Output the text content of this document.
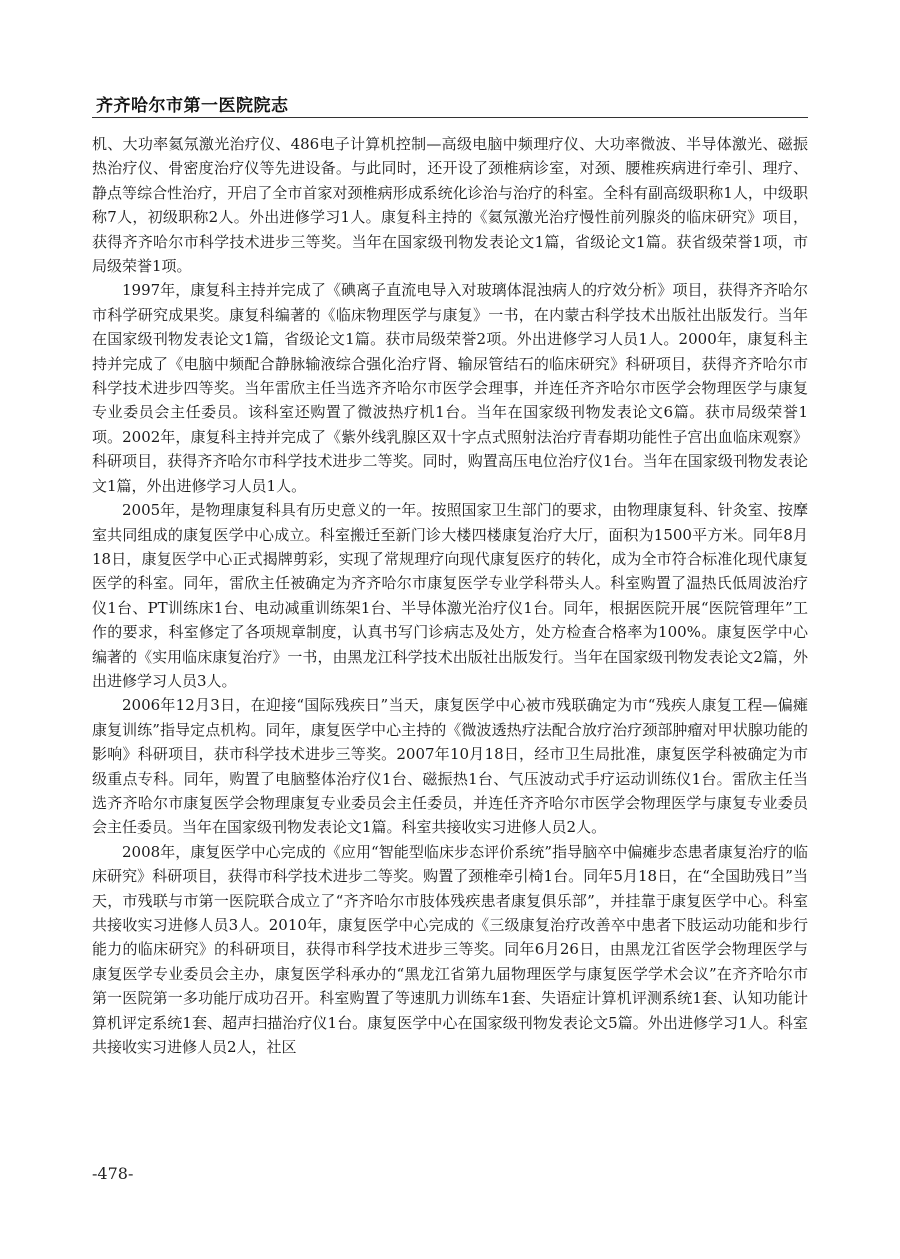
齐齐哈尔市第一医院院志

机、大功率氦氖激光治疗仪、486电子计算机控制—高级电脑中频理疗仪、大功率微波、半导体激光、磁振热治疗仪、骨密度治疗仪等先进设备。与此同时，还开设了颈椎病诊室，对颈、腰椎疾病进行牵引、理疗、静点等综合性治疗，开启了全市首家对颈椎病形成系统化诊治与治疗的科室。全科有副高级职称1人，中级职称7人，初级职称2人。外出进修学习1人。康复科主持的《氦氖激光治疗慢性前列腺炎的临床研究》项目，获得齐齐哈尔市科学技术进步三等奖。当年在国家级刊物发表论文1篇，省级论文1篇。获省级荣誉1项，市局级荣誉1项。

1997年，康复科主持并完成了《碘离子直流电导入对玻璃体混浊病人的疗效分析》项目，获得齐齐哈尔市科学研究成果奖。康复科编著的《临床物理医学与康复》一书，在内蒙古科学技术出版社出版发行。当年在国家级刊物发表论文1篇，省级论文1篇。获市局级荣誉2项。外出进修学习人员1人。2000年，康复科主持并完成了《电脑中频配合静脉输液综合强化治疗肾、输尿管结石的临床研究》科研项目，获得齐齐哈尔市科学技术进步四等奖。当年雷欣主任当选齐齐哈尔市医学会理事，并连任齐齐哈尔市医学会物理医学与康复专业委员会主任委员。该科室还购置了微波热疗机1台。当年在国家级刊物发表论文6篇。获市局级荣誉1项。2002年，康复科主持并完成了《紫外线乳腺区双十字点式照射法治疗青春期功能性子宫出血临床观察》科研项目，获得齐齐哈尔市科学技术进步二等奖。同时，购置高压电位治疗仪1台。当年在国家级刊物发表论文1篇，外出进修学习人员1人。

2005年，是物理康复科具有历史意义的一年。按照国家卫生部门的要求，由物理康复科、针灸室、按摩室共同组成的康复医学中心成立。科室搬迁至新门诊大楼四楼康复治疗大厅，面积为1500平方米。同年8月18日，康复医学中心正式揭牌剪彩，实现了常规理疗向现代康复医疗的转化，成为全市符合标准化现代康复医学的科室。同年，雷欣主任被确定为齐齐哈尔市康复医学专业学科带头人。科室购置了温热氏低周波治疗仪1台、PT训练床1台、电动减重训练架1台、半导体激光治疗仪1台。同年，根据医院开展“医院管理年”工作的要求，科室修定了各项规章制度，认真书写门诊病志及处方，处方检查合格率为100%。康复医学中心编著的《实用临床康复治疗》一书，由黑龙江科学技术出版社出版发行。当年在国家级刊物发表论文2篇，外出进修学习人员3人。

2006年12月3日，在迎接“国际残疾日”当天，康复医学中心被市残联确定为市“残疾人康复工程—偏瘫康复训练”指导定点机构。同年，康复医学中心主持的《微波透热疗法配合放疗治疗颈部肿瘤对甲状腺功能的影响》科研项目，获市科学技术进步三等奖。2007年10月18日，经市卫生局批准，康复医学科被确定为市级重点专科。同年，购置了电脑整体治疗仪1台、磁振热1台、气压波动式手疗运动训练仪1台。雷欣主任当选齐齐哈尔市康复医学会物理康复专业委员会主任委员，并连任齐齐哈尔市医学会物理医学与康复专业委员会主任委员。当年在国家级刊物发表论文1篇。科室共接收实习进修人员2人。

2008年，康复医学中心完成的《应用“智能型临床步态评价系统”指导脑卒中偏瘫步态患者康复治疗的临床研究》科研项目，获得市科学技术进步二等奖。购置了颈椎牵引椅1台。同年5月18日，在“全国助残日”当天，市残联与市第一医院联合成立了“齐齐哈尔市肢体残疾患者康复俱乐部”，并挂靠于康复医学中心。科室共接收实习进修人员3人。2010年，康复医学中心完成的《三级康复治疗改善卒中患者下肢运动功能和步行能力的临床研究》的科研项目，获得市科学技术进步三等奖。同年6月26日，由黑龙江省医学会物理医学与康复医学专业委员会主办，康复医学科承办的“黑龙江省第九届物理医学与康复医学学术会议”在齐齐哈尔市第一医院第一多功能厅成功召开。科室购置了等速肌力训练车1套、失语症计算机评测系统1套、认知功能计算机评定系统1套、超声扫描治疗仪1台。康复医学中心在国家级刊物发表论文5篇。外出进修学习1人。科室共接收实习进修人员2人，社区

-478-
